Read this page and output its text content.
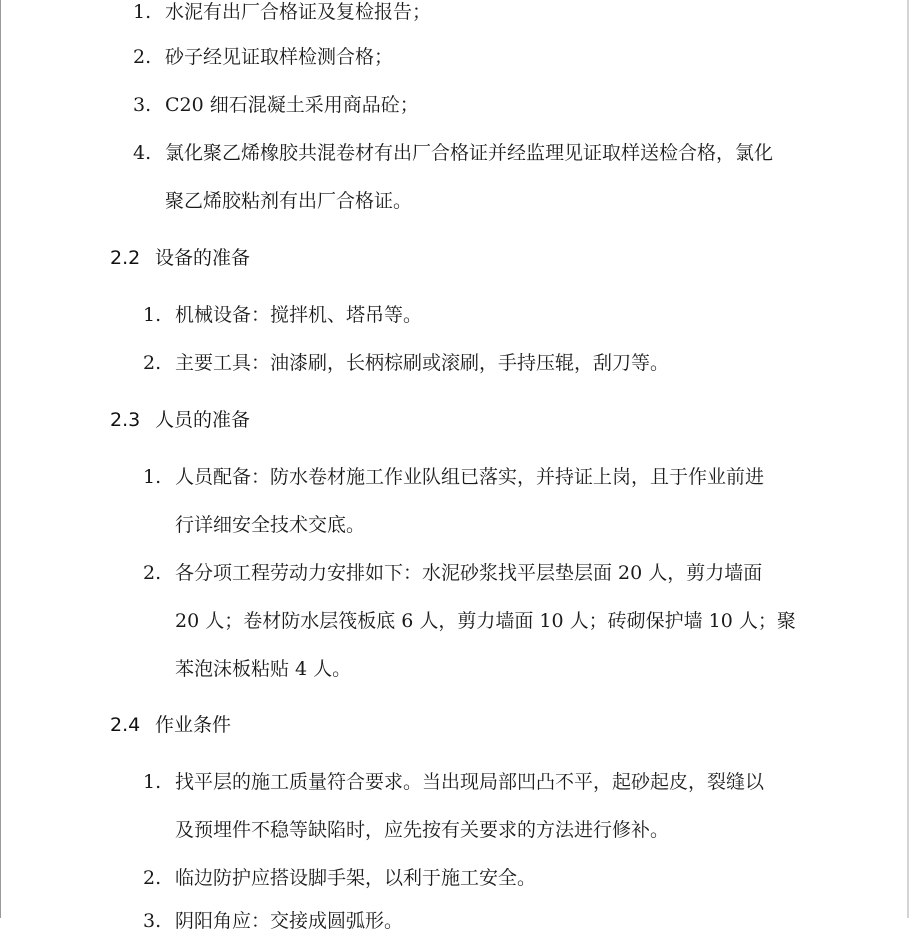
1. 水泥有出厂合格证及复检报告；
2. 砂子经见证取样检测合格；
3. C20 细石混凝土采用商品砼；
4. 氯化聚乙烯橡胶共混卷材有出厂合格证并经监理见证取样送检合格，氯化
聚乙烯胶粘剂有出厂合格证。
2.2 设备的准备
1. 机械设备：搅拌机、塔吊等。
2. 主要工具：油漆刷，长柄棕刷或滚刷，手持压辊，刮刀等。
2.3 人员的准备
1. 人员配备：防水卷材施工作业队组已落实，并持证上岗，且于作业前进
行详细安全技术交底。
2. 各分项工程劳动力安排如下：水泥砂浆找平层垫层面 20 人，剪力墙面
20 人；卷材防水层筏板底 6 人，剪力墙面 10 人；砖砌保护墙 10 人；聚
苯泡沫板粘贴 4 人。
2.4 作业条件
1. 找平层的施工质量符合要求。当出现局部凹凸不平，起砂起皮，裂缝以
及预埋件不稳等缺陷时，应先按有关要求的方法进行修补。
2. 临边防护应搭设脚手架，以利于施工安全。
3. 阴阳角应：交接成圆弧形。
